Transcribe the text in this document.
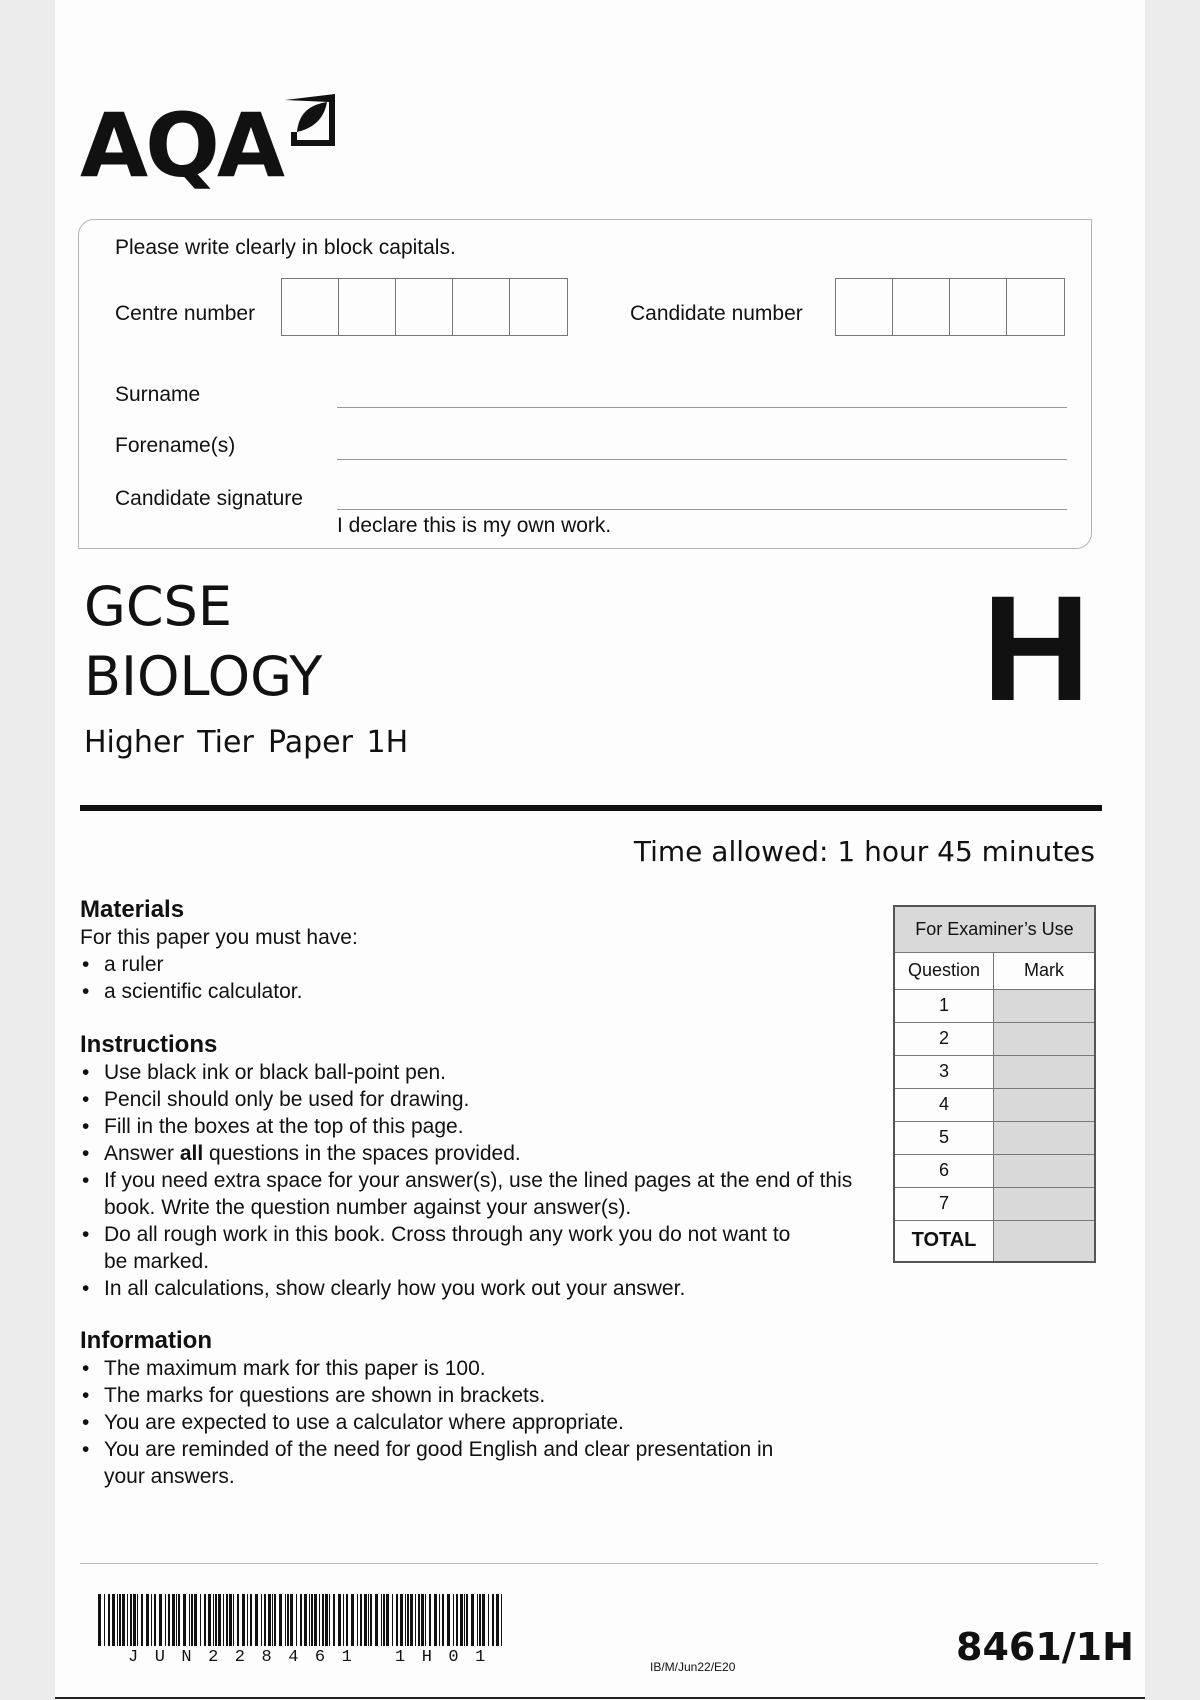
AQA
Please write clearly in block capitals.
Centre number	Candidate number
Surname
Forename(s)
Candidate signature
I declare this is my own work.
GCSE
BIOLOGY
Higher Tier Paper 1H
H
Time allowed: 1 hour 45 minutes
Materials

For this paper you must have:

• a ruler
• a scientific calculator.
Instructions
• Use black ink or black ball-point pen.
• Pencil should only be used for drawing.
• Fill in the boxes at the top of this page.
• Answer all questions in the spaces provided.
• If you need extra space for your answer(s), use the lined pages at the end of this book. Write the question number against your answer(s).
• Do all rough work in this book. Cross through any work you do not want to be marked.
• In all calculations, show clearly how you work out your answer.
Information
• The maximum mark for this paper is 100.
• The marks for questions are shown in brackets.
• You are expected to use a calculator where appropriate.
• You are reminded of the need for good English and clear presentation in your answers.
For Examiner’s Use	
Question	Mark
1	
2	
3	
4	
5	
6	
7	
TOTAL	
JUN228461 1H01	IB/M/Jun22/E20	8461/1H
